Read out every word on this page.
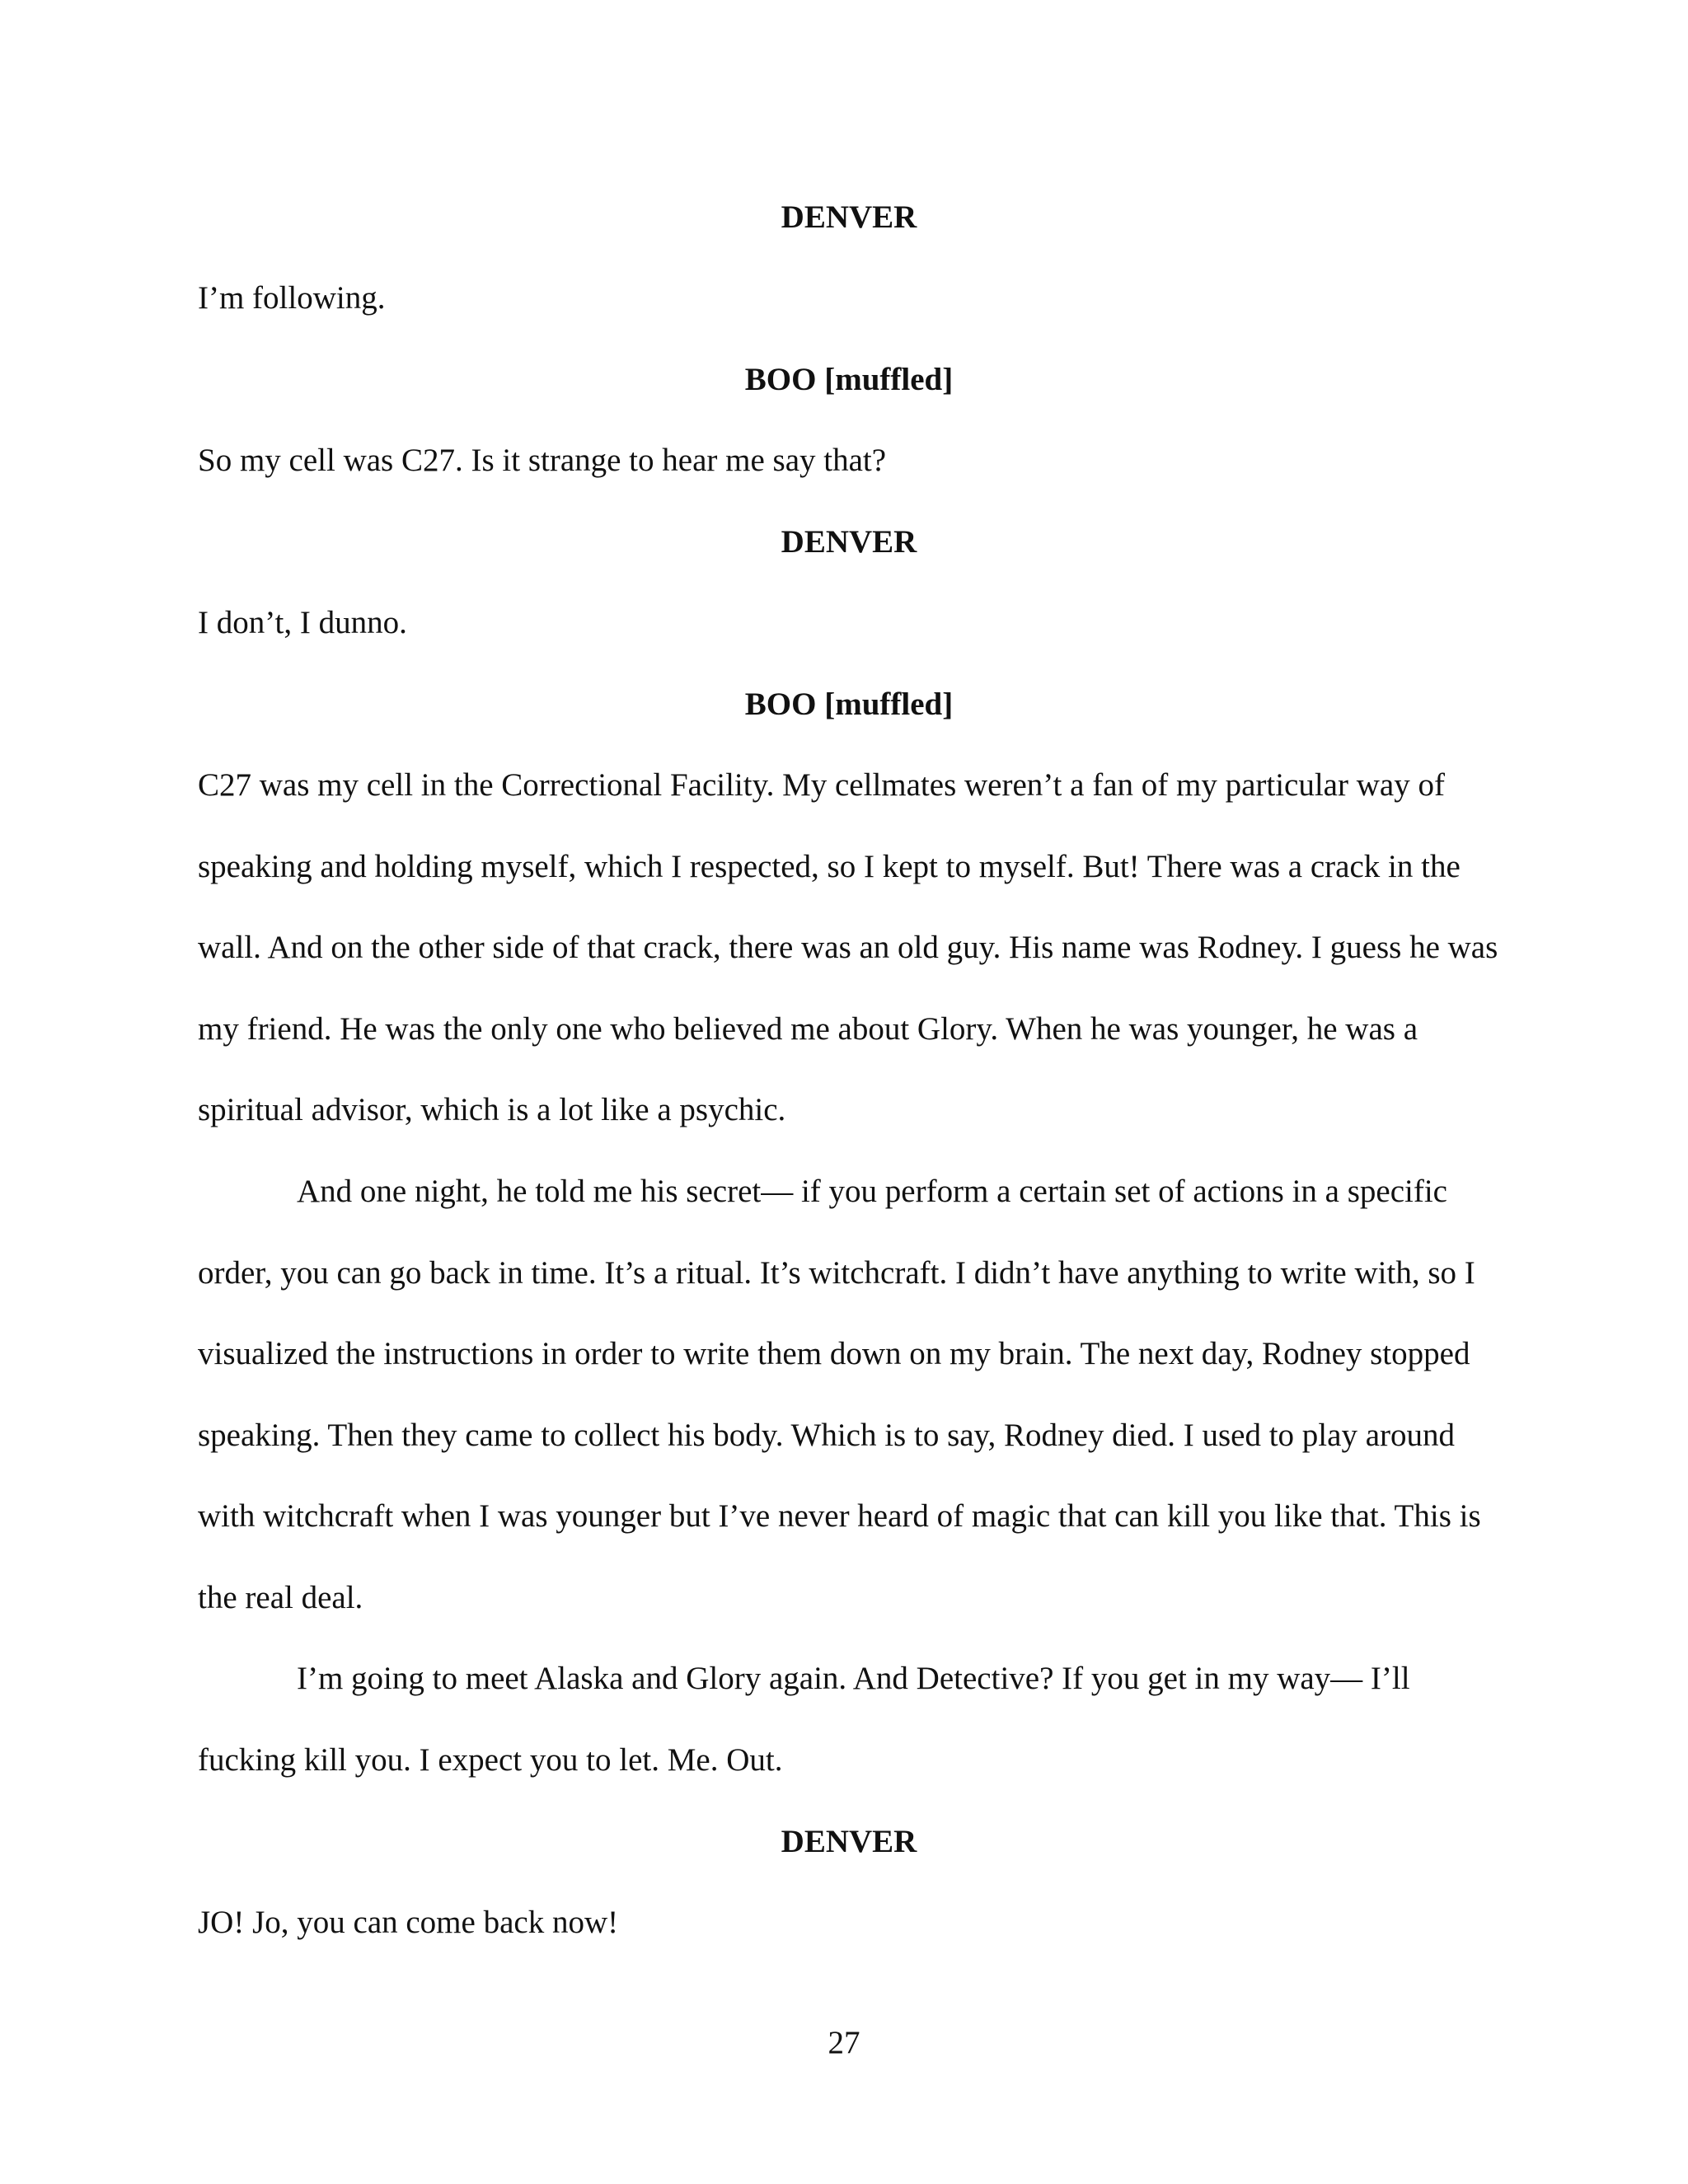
DENVER

I’m following.

BOO [muffled]

So my cell was C27. Is it strange to hear me say that?

DENVER

I don’t, I dunno.

BOO [muffled]

C27 was my cell in the Correctional Facility. My cellmates weren’t a fan of my particular way of speaking and holding myself, which I respected, so I kept to myself. But! There was a crack in the wall. And on the other side of that crack, there was an old guy. His name was Rodney. I guess he was my friend. He was the only one who believed me about Glory. When he was younger, he was a spiritual advisor, which is a lot like a psychic.

And one night, he told me his secret— if you perform a certain set of actions in a specific order, you can go back in time. It’s a ritual. It’s witchcraft. I didn’t have anything to write with, so I visualized the instructions in order to write them down on my brain. The next day, Rodney stopped speaking. Then they came to collect his body. Which is to say, Rodney died. I used to play around with witchcraft when I was younger but I’ve never heard of magic that can kill you like that. This is the real deal.

I’m going to meet Alaska and Glory again. And Detective? If you get in my way— I’ll fucking kill you. I expect you to let. Me. Out.

DENVER

JO! Jo, you can come back now!

27
